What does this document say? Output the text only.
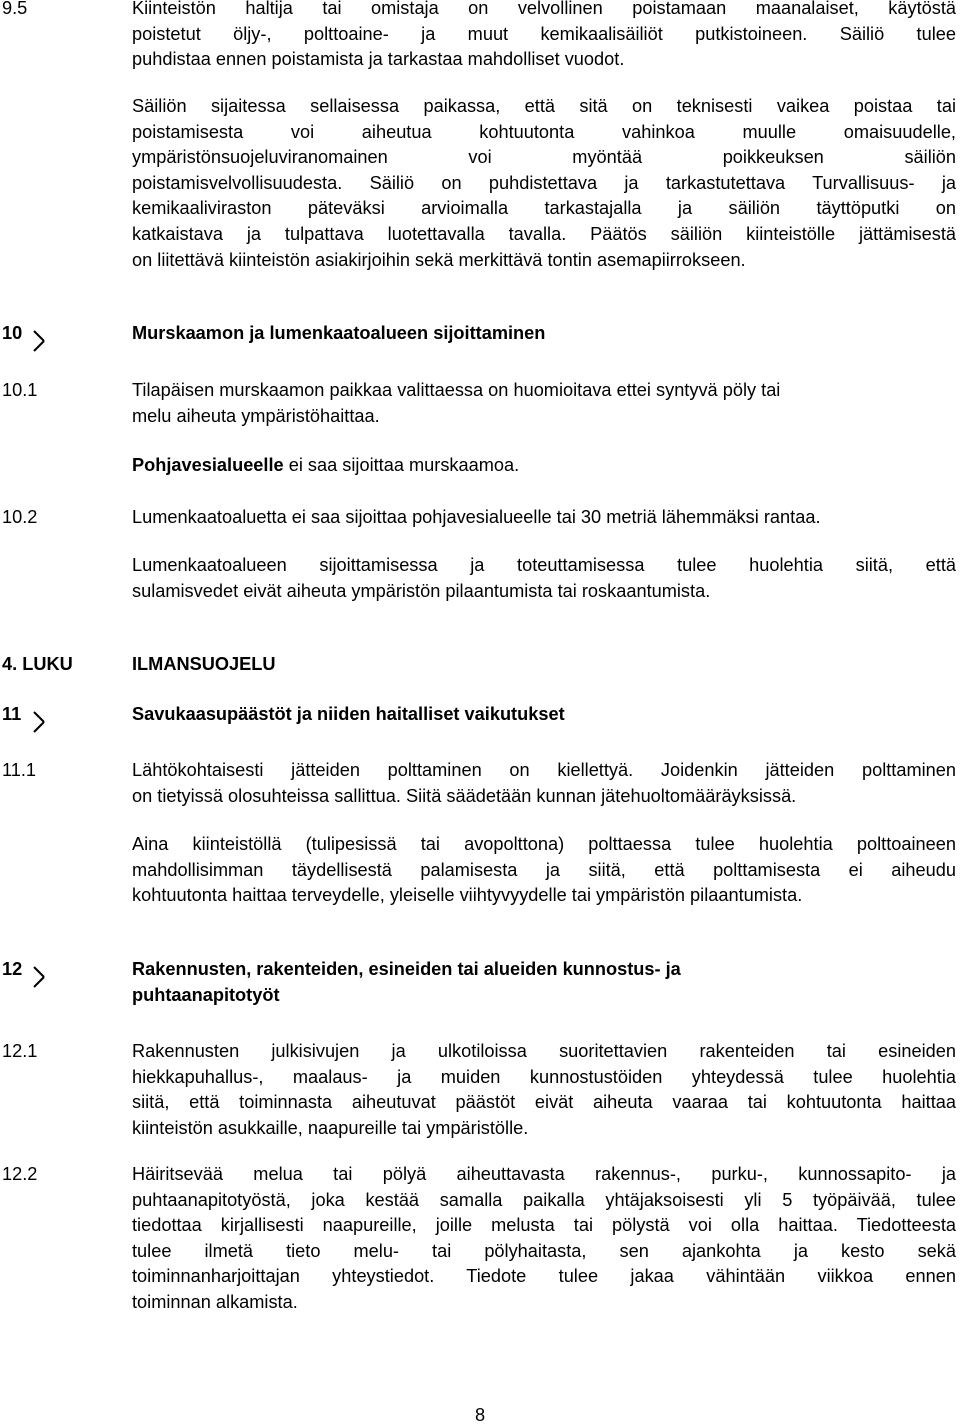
9.5	Kiinteistön haltija tai omistaja on velvollinen poistamaan maanalaiset, käytöstä
poistetut öljy-, polttoaine- ja muut kemikaalisäiliöt putkistoineen. Säiliö tulee
puhdistaa ennen poistamista ja tarkastaa mahdolliset vuodot.
Säiliön sijaitessa sellaisessa paikassa, että sitä on teknisesti vaikea poistaa tai
poistamisesta voi aiheutua kohtuutonta vahinkoa muulle omaisuudelle,
ympäristönsuojeluviranomainen voi myöntää poikkeuksen säiliön
poistamisvelvollisuudesta. Säiliö on puhdistettava ja tarkastutettava Turvallisuus- ja
kemikaaliviraston päteväksi arvioimalla tarkastajalla ja säiliön täyttöputki on
katkaistava ja tulpattava luotettavalla tavalla. Päätös säiliön kiinteistölle jättämisestä
on liitettävä kiinteistön asiakirjoihin sekä merkittävä tontin asemapiirrokseen.
10	Murskaamon ja lumenkaatoalueen sijoittaminen
10.1	Tilapäisen murskaamon paikkaa valittaessa on huomioitava ettei syntyvä pöly tai
melu aiheuta ympäristöhaittaa.
Pohjavesialueelle ei saa sijoittaa murskaamoa.
10.2	Lumenkaatoaluetta ei saa sijoittaa pohjavesialueelle tai 30 metriä lähemmäksi rantaa.
Lumenkaatoalueen sijoittamisessa ja toteuttamisessa tulee huolehtia siitä, että
sulamisvedet eivät aiheuta ympäristön pilaantumista tai roskaantumista.
4. LUKU	ILMANSUOJELU
11	Savukaasupäästöt ja niiden haitalliset vaikutukset
11.1	Lähtökohtaisesti jätteiden polttaminen on kiellettyä. Joidenkin jätteiden polttaminen
on tietyissä olosuhteissa sallittua. Siitä säädetään kunnan jätehuoltomääräyksissä.
Aina kiinteistöllä (tulipesissä tai avopolttona) polttaessa tulee huolehtia polttoaineen
mahdollisimman täydellisestä palamisesta ja siitä, että polttamisesta ei aiheudu
kohtuutonta haittaa terveydelle, yleiselle viihtyvyydelle tai ympäristön pilaantumista.
12	Rakennusten, rakenteiden, esineiden tai alueiden kunnostus- ja
puhtaanapitotyöt
12.1	Rakennusten julkisivujen ja ulkotiloissa suoritettavien rakenteiden tai esineiden
hiekkapuhallus-, maalaus- ja muiden kunnostustöiden yhteydessä tulee huolehtia
siitä, että toiminnasta aiheutuvat päästöt eivät aiheuta vaaraa tai kohtuutonta haittaa
kiinteistön asukkaille, naapureille tai ympäristölle.
12.2	Häiritsevää melua tai pölyä aiheuttavasta rakennus-, purku-, kunnossapito- ja
puhtaanapitotyöstä, joka kestää samalla paikalla yhtäjaksoisesti yli 5 työpäivää, tulee
tiedottaa kirjallisesti naapureille, joille melusta tai pölystä voi olla haittaa. Tiedotteesta
tulee ilmetä tieto melu- tai pölyhaitasta, sen ajankohta ja kesto sekä
toiminnanharjoittajan yhteystiedot. Tiedote tulee jakaa vähintään viikkoa ennen
toiminnan alkamista.
8
